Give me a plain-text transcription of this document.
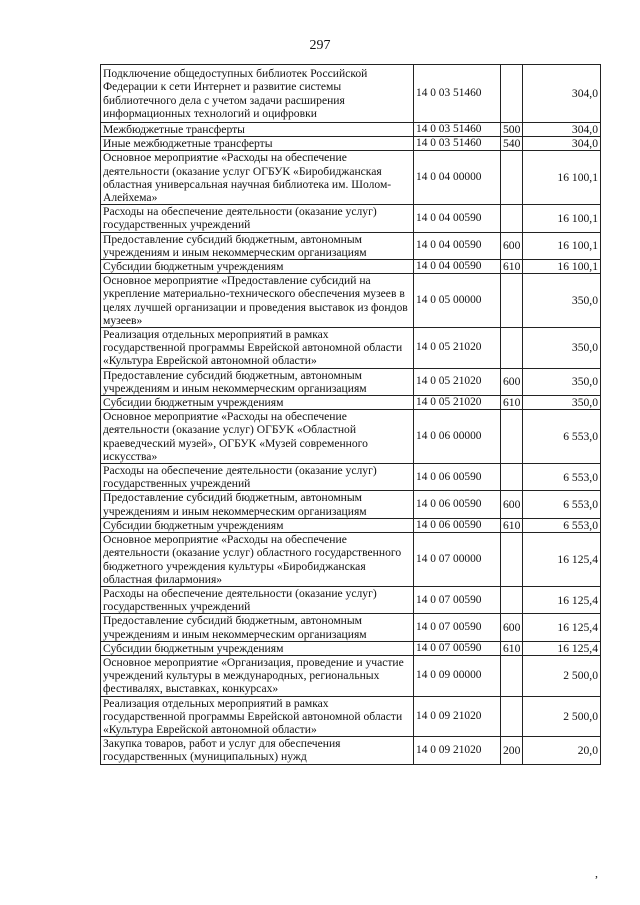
297
Подключение общедоступных библиотек Российской Федерации к сети Интернет и развитие системы библиотечного дела с учетом задачи расширения информационных технологий и оцифровки	14 0 03 51460		304,0
Межбюджетные трансферты	14 0 03 51460	500	304,0
Иные межбюджетные трансферты	14 0 03 51460	540	304,0
Основное мероприятие «Расходы на обеспечение деятельности (оказание услуг ОГБУК «Биробиджанская областная универсальная научная библиотека им. Шолом-Алейхема»	14 0 04 00000		16 100,1
Расходы на обеспечение деятельности (оказание услуг) государственных учреждений	14 0 04 00590		16 100,1
Предоставление субсидий бюджетным, автономным учреждениям и иным некоммерческим организациям	14 0 04 00590	600	16 100,1
Субсидии бюджетным учреждениям	14 0 04 00590	610	16 100,1
Основное мероприятие «Предоставление субсидий на укрепление материально-технического обеспечения музеев в целях лучшей организации и проведения выставок из фондов музеев»	14 0 05 00000		350,0
Реализация отдельных мероприятий в рамках государственной программы Еврейской автономной области «Культура Еврейской автономной области»	14 0 05 21020		350,0
Предоставление субсидий бюджетным, автономным учреждениям и иным некоммерческим организациям	14 0 05 21020	600	350,0
Субсидии бюджетным учреждениям	14 0 05 21020	610	350,0
Основное мероприятие «Расходы на обеспечение деятельности (оказание услуг) ОГБУК «Областной краеведческий музей», ОГБУК «Музей современного искусства»	14 0 06 00000		6 553,0
Расходы на обеспечение деятельности (оказание услуг) государственных учреждений	14 0 06 00590		6 553,0
Предоставление субсидий бюджетным, автономным учреждениям и иным некоммерческим организациям	14 0 06 00590	600	6 553,0
Субсидии бюджетным учреждениям	14 0 06 00590	610	6 553,0
Основное мероприятие «Расходы на обеспечение деятельности (оказание услуг) областного государственного бюджетного учреждения культуры «Биробиджанская областная филармония»	14 0 07 00000		16 125,4
Расходы на обеспечение деятельности (оказание услуг) государственных учреждений	14 0 07 00590		16 125,4
Предоставление субсидий бюджетным, автономным учреждениям и иным некоммерческим организациям	14 0 07 00590	600	16 125,4
Субсидии бюджетным учреждениям	14 0 07 00590	610	16 125,4
Основное мероприятие «Организация, проведение и участие учреждений культуры в международных, региональных фестивалях, выставках, конкурсах»	14 0 09 00000		2 500,0
Реализация отдельных мероприятий в рамках государственной программы Еврейской автономной области «Культура Еврейской автономной области»	14 0 09 21020		2 500,0
Закупка товаров, работ и услуг для обеспечения государственных (муниципальных) нужд	14 0 09 21020	200	20,0
,
